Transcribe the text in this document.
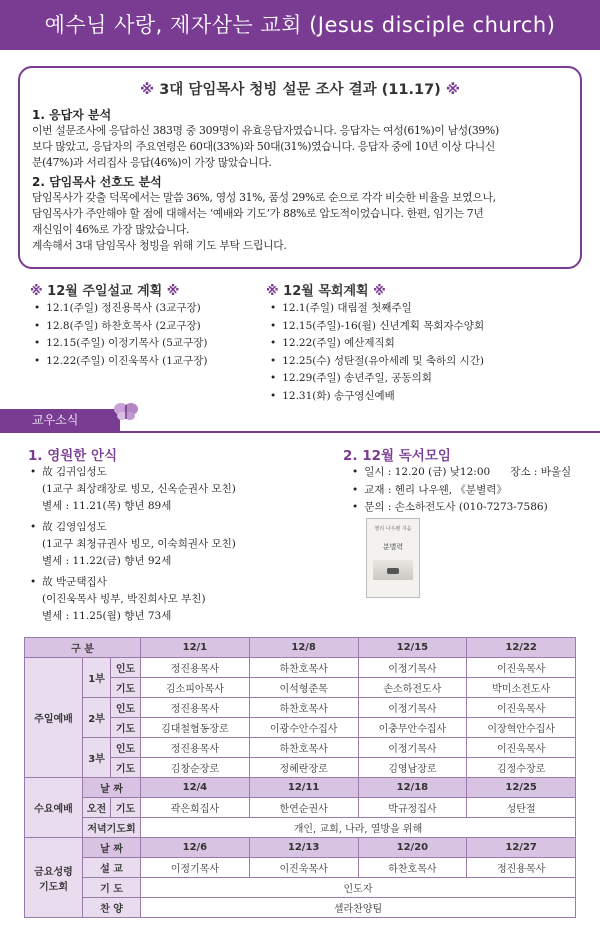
예수님 사랑, 제자삼는 교회 (Jesus disciple church)
※ 3대 담임목사 청빙 설문 조사 결과 (11.17) ※
1. 응답자 분석
이번 설문조사에 응답하신 383명 중 309명이 유효응답자였습니다. 응답자는 여성(61%)이 남성(39%)
보다 많았고, 응답자의 주요연령은 60대(33%)와 50대(31%)였습니다. 응답자 중에 10년 이상 다니신
분(47%)과 서리집사 응답(46%)이 가장 많았습니다.
2. 담임목사 선호도 분석
담임목사가 갖출 덕목에서는 말씀 36%, 영성 31%, 품성 29%로 순으로 각각 비슷한 비율을 보였으나,
담임목사가 주안해야 할 점에 대해서는 ‘예배와 기도’가 88%로 압도적이었습니다. 한편, 임기는 7년
재신임이 46%로 가장 많았습니다.
계속해서 3대 담임목사 청빙을 위해 기도 부탁 드립니다.
※ 12월 주일설교 계획 ※
• 12.1(주일) 정진용목사 (3교구장)
• 12.8(주일) 하찬호목사 (2교구장)
• 12.15(주일) 이정기목사 (5교구장)
• 12.22(주일) 이진욱목사 (1교구장)
※ 12월 목회계획 ※
• 12.1(주일) 대림절 첫째주일
• 12.15(주일)-16(월) 신년계획 목회자수양회
• 12.22(주일) 예산제직회
• 12.25(수) 성탄절(유아세례 및 축하의 시간)
• 12.29(주일) 송년주일, 공동의회
• 12.31(화) 송구영신예배
교우소식
1. 영원한 안식
• 故 김귀임성도
(1교구 최상래장로 빙모, 신옥순권사 모친)
별세 : 11.21(목) 향년 89세
• 故 김영임성도
(1교구 최청규권사 빙모, 이숙희권사 모친)
별세 : 11.22(금) 향년 92세
• 故 박군택집사
(이진욱목사 빙부, 박진희사모 부친)
별세 : 11.25(월) 향년 73세
2. 12월 독서모임
• 일시 : 12.20 (금) 낮12:00      장소 : 바울실
• 교재 : 헨리 나우웬, 《분별력》
• 문의 : 손소하전도사 (010-7273-7586)
헨리 나우웬 지음
분별력

구 분			12/1	12/8	12/15	12/22
주일예배	1부	인도	정진용목사	하찬호목사	이정기목사	이진욱목사
		기도	김소피아목사	이석형준목	손소하전도사	박미소전도사
	2부	인도	정진용목사	하찬호목사	이정기목사	이진욱목사
		기도	김대철협동장로	이광수안수집사	이충무안수집사	이장혁안수집사
	3부	인도	정진용목사	하찬호목사	이정기목사	이진욱목사
		기도	김창순장로	정혜란장로	김영남장로	김정수장로
수요예배	날 짜		12/4	12/11	12/18	12/25
	오전	기도	곽은희집사	한연순권사	박규정집사	성탄절
	저녁기도회		개인, 교회, 나라, 열방을 위해			

금요성령
기도회	날 짜		12/6	12/13	12/20	12/27
	설 교		이정기목사	이진욱목사	하찬호목사	정진용목사
	기 도		인도자			
	찬 양		셀라찬양팀			
